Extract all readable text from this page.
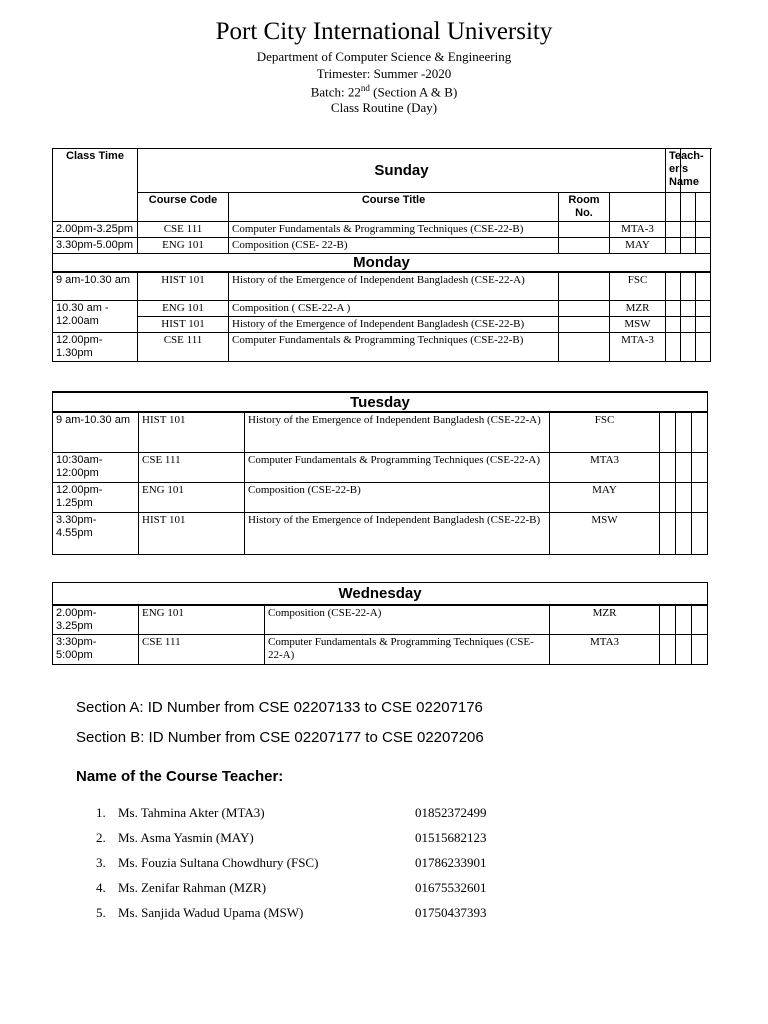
Port City International University
Department of Computer Science & Engineering
Trimester: Summer -2020
Batch: 22nd (Section A & B)
Class Routine (Day)
Class Time	Sunday				Teach-er's Name		
	Course Code	Course Title	Room No.				
2.00pm-3.25pm	CSE 111	Computer Fundamentals & Programming Techniques (CSE-22-B)		MTA-3			
3.30pm-5.00pm	ENG 101	Composition (CSE- 22-B)		MAY			
Monday							
9 am-10.30 am	HIST 101	History of the Emergence of Independent Bangladesh (CSE-22-A)		FSC			
10.30 am - 12.00am	ENG 101	Composition ( CSE-22-A )		MZR			
	HIST 101	History of the Emergence of Independent Bangladesh (CSE-22-B)		MSW			
12.00pm- 1.30pm	CSE 111	Computer Fundamentals & Programming Techniques (CSE-22-B)		MTA-3			
Tuesday						
9 am-10.30 am	HIST 101	History of the Emergence of Independent Bangladesh (CSE-22-A)	FSC			
10:30am- 12:00pm	CSE 111	Computer Fundamentals & Programming Techniques (CSE-22-A)	MTA3			
12.00pm- 1.25pm	ENG 101	Composition (CSE-22-B)	MAY			
3.30pm- 4.55pm	HIST 101	History of the Emergence of Independent Bangladesh (CSE-22-B)	MSW			
Wednesday						
2.00pm- 3.25pm	ENG 101	Composition (CSE-22-A)	MZR			
3:30pm- 5:00pm	CSE 111	Computer Fundamentals & Programming Techniques (CSE-22-A)	MTA3			
Section A: ID Number from CSE 02207133 to CSE 02207176
Section B: ID Number from CSE 02207177 to CSE 02207206
Name of the Course Teacher:
1. Ms. Tahmina Akter (MTA3)	01852372499
2. Ms. Asma Yasmin (MAY)	01515682123
3. Ms. Fouzia Sultana Chowdhury (FSC)	01786233901
4. Ms. Zenifar Rahman (MZR)	01675532601
5. Ms. Sanjida Wadud Upama (MSW)	01750437393
